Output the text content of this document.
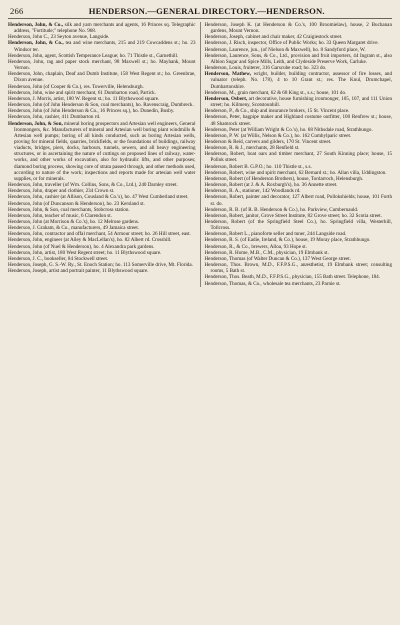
266	HENDERSON.—GENERAL DIRECTORY.—HENDERSON.

Henderson, John, & Co., silk and yarn merchants and agents, 16 Princes sq. Telegraphic address, "Fortitude;" telephone No. 968.

Henderson, John C., 23 Seyton avenue, Langside.

Henderson, John, & Co., tea and wine merchants, 215 and 219 Cowcaddens st.; ho. 23 Windsor ter.

Henderson, John, agent, Scottish Temperance League; ho. 71 Thistle st., Garnethill.

Henderson, John, rag and paper stock merchant, 98 Maxwell st.; ho. Mayhank, Mount Vernon.

Henderson, John, chaplain, Deaf and Dumb Institute, 158 West Regent st.; ho. Greenbrae, Dixon avenue.

Henderson, John (of Cooper & Co.), res. Towerville, Helensburgh.

Henderson, John, wine and spirit merchant, 61 Dumbarton road, Partick.

Henderson, J. Morris, artist, 180 W. Regent st.; ho. 11 Blythswood square.

Henderson, John (of John Henderson & Son, coal merchants), ho. Ravenscraig, Dumbreck.

Henderson, John (of John Henderson & Co., 16 Princes sq.), ho. Dunedin, Busby.

Henderson, John, cashier, 411 Dumbarton rd.

Henderson, John, & Son, mineral boring prospectors and Artesian well engineers, General Ironmongers, &c. Manufacturers of mineral and Artesian well boring plant windmills & Artesian well pumps; boring of all kinds conducted, such as boring Artesian wells, proving for mineral fields, quarries, brickfields, or the foundations of buildings, railway viaducts, bridges, piers, docks, harbours, tunnels, sewers, and all heavy engineering structures, or in ascertaining the nature of cuttings on proposed lines of railway, water-works, and other works of excavation, also for hydraulic lifts, and other purposes; diamond boring process, showing core of strata passed through, and other methods used, according to nature of the work; inspections and reports made for artesian well water supplies, or for minerals.

Henderson, John, traveller (of Wm. Collins, Sons, & Co., Ltd.), 240 Darnley street.

Henderson, John, draper and clothier, 234 Crown st.

Henderson, John, cashier (at Allison, Cousland & Co.'s), ho. 47 West Cumberland street.

Henderson, John (of Duncanson & Henderson), ho. 23 Kersland st.

Henderson, John, & Son, coal merchants, Stobcross station.

Henderson, John, teacher of music, 6 Clarendon st.

Henderson, John (at Morrison & Co.'s), ho. 12 Melrose gardens.

Henderson, J. Graham, & Co., manufacturers, 49 Jamaica street.

Henderson, John, contractor and offal merchant, 54 Armour street; ho. 26 Hill street, east.

Henderson, John, engineer (at Ailey & MacLellan's), ho. 82 Albert rd. Crosshill.

Henderson, John (of Nuel & Henderson), ho. 4 Alexandra park gardens.

Henderson, John, artist, 180 West Regent street; ho. 11 Blythswood square.

Henderson, J. C., bookseller, 84 Stockwell street.

Henderson, Joseph, G. S.-W. Ry., St. Enoch Station; ho. 113 Somerville drive, Mt. Florida.

Henderson, Joseph, artist and portrait painter, 11 Blythswood square.

Henderson, Joseph K. (at Henderson & Co.'s, 100 Broomielaw), house, 2 Buchanan gardens, Mount Vernon.

Henderson, Joseph, cabinet and chair maker, 42 Craigiestock street.

Henderson, J. Risch, inspector, Office of Public Works; ho. 33 Queen Margaret drive.

Henderson, Laurence, jun., (of Nielson & Maxwell), ho. 8 Sandyford place, W.

Henderson, Laurence, Sons, & Co., Ltd., provision and fruit importers, 44 Ingram st., also Albion Sugar and Spice Mills, Leith, and Clydeside Preserve Work, Carluke.

Henderson, Louis, fruiterer, 316 Garscube road; ho. 323 do.

Henderson, Mathew, wright, builder, building contractor, assessor of fire losses, and valuator (teleph. No. 178), 4 to 10 Grant st.; res. The Knul, Drumchapel, Dumbartonshire.

Henderson, M., grain merchant, 62 & 68 King st., s.s.; house, 101 do.

Henderson, Osbert, art decorative, house furnishing ironmonger, 105, 107, and 111 Union street; ho. Kilmeny, Scotstounhill.

Henderson, P., & Co., ship and insurance brokers, 15 St. Vincent place.

Henderson, Peter, bagpipe maker and Highland costume outfitter, 100 Renfrew st.; house, 48 Shamrock street.

Henderson, Peter (at William Wright & Co.'s), ho. 68 Nithsdale road, Strathbungo.

Henderson, P. W. (at Willis, Nelson & Co.), ho. 162 Cumbylparic street.

Henderson & Reid, carvers and gilders, 170 St. Vincent street.

Henderson, R. & J., merchants, 28 Renfield st.

Henderson, Robert, boat oars and timber merchant, 27 South Kinning place; house, 15 Pollok street.

Henderson, Robert B. G.P.O.; ho. 110 Thistle st., s.s.

Henderson, Robert, wine and spirit merchant, 62 Bernard st.; ho. Allan villa, Uddingston.

Henderson, Robert (of Henderson Brothers), house, Tordarroch, Helensburgh.

Henderson, Robert (at J. & A. Roxburgh's), ho. 36 Annette street.

Henderson, R. A., stationer, 142 Woodlands rd.

Henderson, Robert, painter and decorator, 127 Albert road, Pollokshields; house, 101 Forth st. do.

Henderson, R. B. (of R. B. Henderson & Co.), ho. Parkview, Cumbernauld.

Henderson, Robert, janitor, Grove Street Institute, 82 Grove street; ho. 32 Scotia street.

Henderson, Robert (of the Springfield Steel Co.), ho. Springfield villa, Westerhill, Tollcross.

Henderson, Robert L., pianoforte seller and tuner, 244 Langside road.

Henderson, R. S. (of Eadie, Ireland, & Co.), house, 19 Moray place, Strathbungo.

Henderson, R., & Co., brewers, Alloa, 93 Hope st.

Henderson, R. Home, M.B., C.M., physician, 19 Elmbank st.

Henderson, Thomas (of Walter Duncan & Co.), 137 West George street.

Henderson, Thos. Brown, M.D., F.F.P.S.G., anæsthetist, 19 Elmbank street; consulting rooms, 5 Bath st.

Henderson, Thos. Beath, M.D., F.F.P.S.G., physician, 155 Bath street. Telephone, 184.

Henderson, Thomas, & Co., wholesale tea merchants, 23 Parnie st.
